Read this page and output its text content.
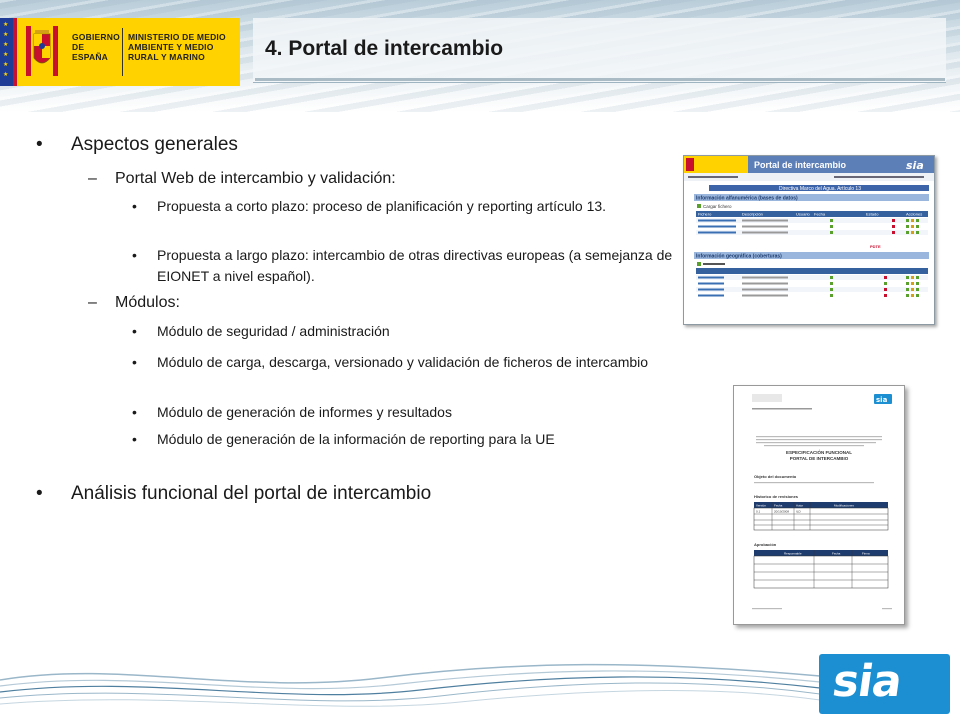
★
★
★
★
★
★
GOBIERNO DE ESPAÑA
MINISTERIO DE MEDIO AMBIENTE Y MEDIO RURAL Y MARINO	4. Portal de intercambio
• Aspectos generales
– Portal Web de intercambio y validación:
• Propuesta a corto plazo: proceso de planificación y reporting artículo 13.
• Propuesta a largo plazo: intercambio de otras directivas europeas (a semejanza de EIONET a nivel español).
– Módulos:
• Módulo de seguridad / administración
• Módulo de carga, descarga, versionado y validación de ficheros de intercambio
• Módulo de generación de informes y resultados
• Módulo de generación de la información de reporting para la UE
• Análisis funcional del portal de intercambio
Portal de intercambio	sia
Directiva Marco del Agua. Artículo 13
Información alfanumérica (bases de datos)
Cargar fichero
Fichero	Descripción	Usuario Fecha	Estado	Acciones
Información geográfica (coberturas)
PDTE
sia
ESPECIFICACIÓN FUNCIONAL
PORTAL DE INTERCAMBIO
Objeto del documento
Historico de revisiones
Versión	Fecha	Autor	Modificaciones
0.1	20/10/2008 ILD
Aprobación
Responsable	Fecha	Firma
sia
